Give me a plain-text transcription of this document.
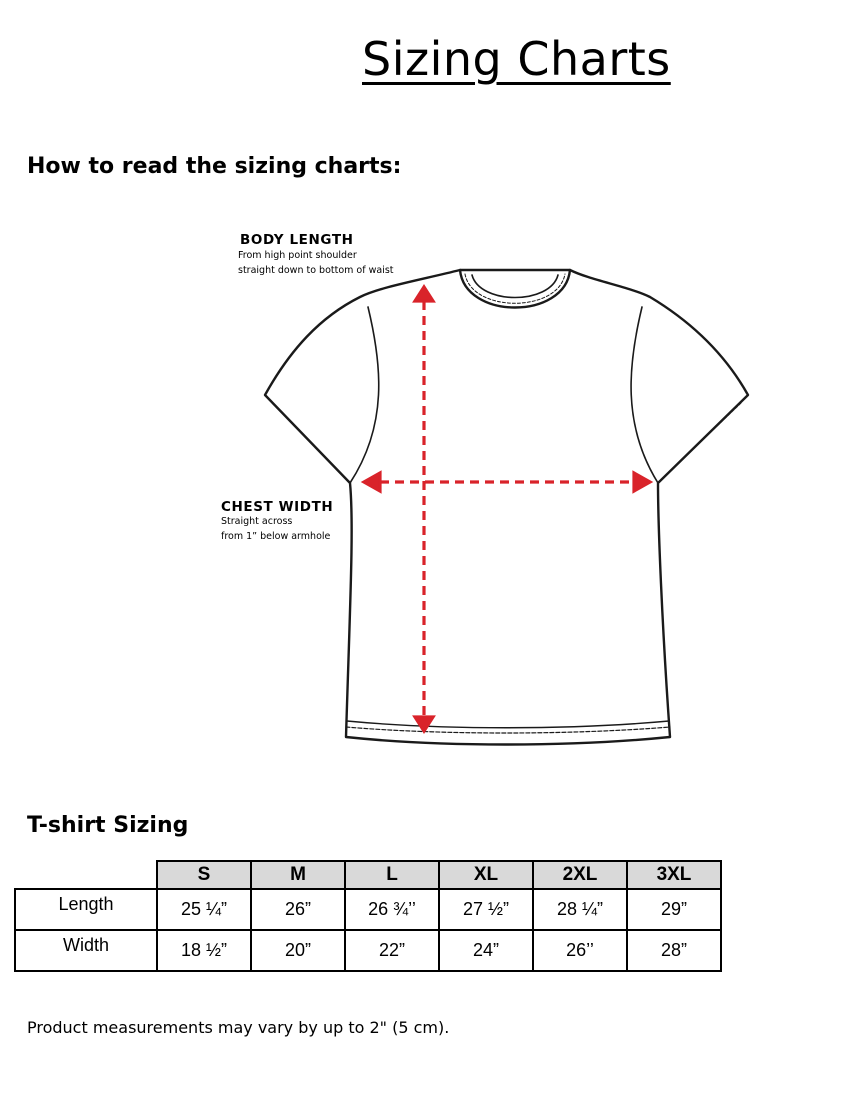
Sizing Charts
How to read the sizing charts:
BODY LENGTH
From high point shoulder
straight down to bottom of waist
CHEST WIDTH
Straight across
from 1” below armhole
T-shirt Sizing
	S	M	L	XL	2XL	3XL
Length	25 ¼”	26”	26 ¾’’	27 ½”	28 ¼”	29”
Width	18 ½”	20”	22”	24”	26’’	28”

Product measurements may vary by up to 2" (5 cm).
